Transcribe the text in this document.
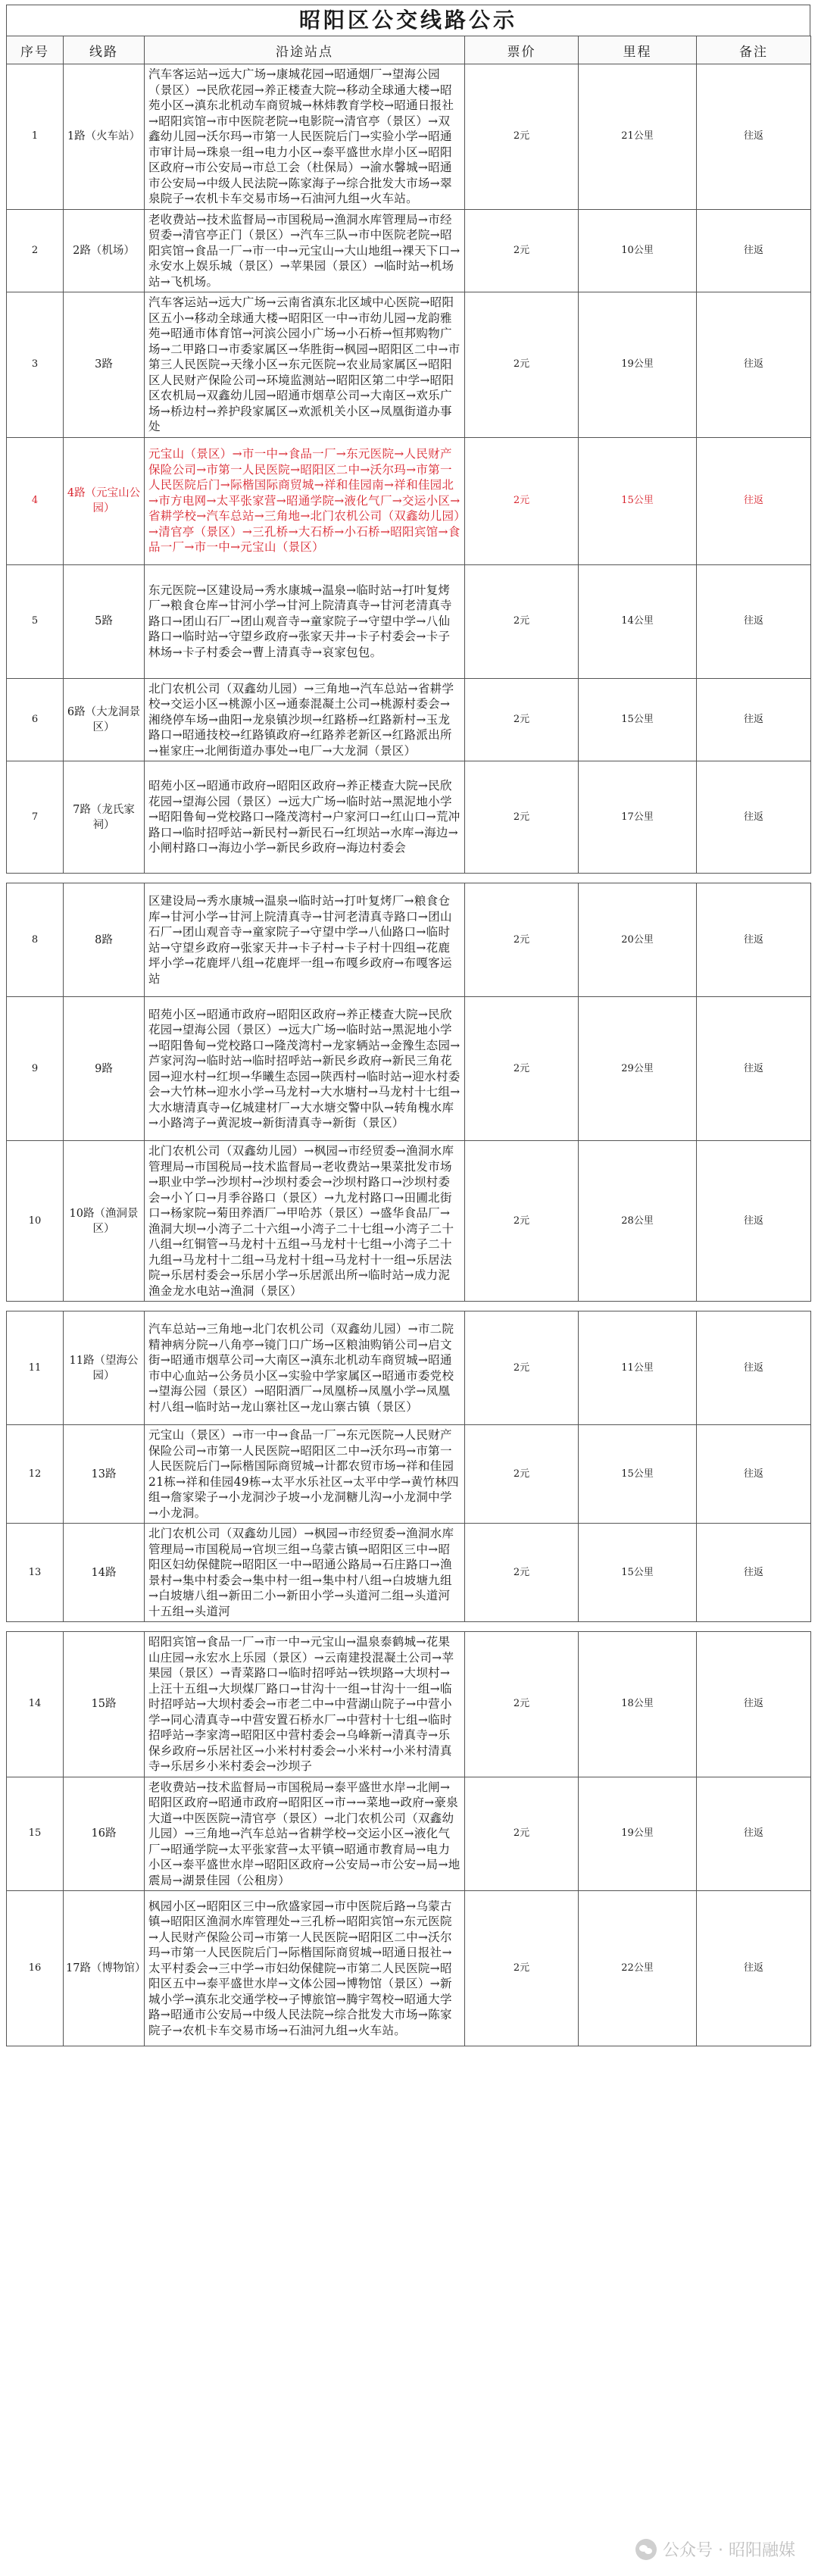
昭阳区公交线路公示
序号	线路	沿途站点	票价	里程	备注
1	1路（火车站）	汽车客运站→远大广场→康城花园→昭通烟厂→望海公园（景区）→民欣花园→养正楼查大院→移动全球通大楼→昭苑小区→滇东北机动车商贸城→林炜教育学校→昭通日报社→昭阳宾馆→市中医院老院→电影院→清官亭（景区）→双鑫幼儿园→沃尔玛→市第一人民医院后门→实验小学→昭通市审计局→珠泉一组→电力小区→泰平盛世水岸小区→昭阳区政府→市公安局→市总工会（杜保局）→渝水馨城→昭通市公安局→中级人民法院→陈家海子→综合批发大市场→翠泉院子→农机卡车交易市场→石油河九组→火车站。	2元	21公里	往返
2	2路（机场）	老收费站→技术监督局→市国税局→渔洞水库管理局→市经贸委→清官亭正门（景区）→汽车三队→市中医院老院→昭阳宾馆→食品一厂→市一中→元宝山→大山地组→裸天下口→永安水上娱乐城（景区）→苹果园（景区）→临时站→机场站→飞机场。	2元	10公里	往返
3	3路	汽车客运站→远大广场→云南省滇东北区域中心医院→昭阳区五小→移动全球通大楼→昭阳区一中→市幼儿园→龙韵雅苑→昭通市体育馆→河滨公园小广场→小石桥→恒邦购物广场→二甲路口→市委家属区→华胜街→枫园→昭阳区二中→市第三人民医院→天缘小区→东元医院→农业局家属区→昭阳区人民财产保险公司→环境监测站→昭阳区第二中学→昭阳区农机局→双鑫幼儿园→昭通市烟草公司→大南区→欢乐广场→桥边村→养护段家属区→欢派机关小区→凤凰街道办事处	2元	19公里	往返
4	4路（元宝山公园）	元宝山（景区）→市一中→食品一厂→东元医院→人民财产保险公司→市第一人民医院→昭阳区二中→沃尔玛→市第一人民医院后门→际楷国际商贸城→祥和佳园南→祥和佳园北→市方电网→太平张家营→昭通学院→液化气厂→交运小区→省耕学校→汽车总站→三角地→北门农机公司（双鑫幼儿园）→清官亭（景区）→三孔桥→大石桥→小石桥→昭阳宾馆→食品一厂→市一中→元宝山（景区）	2元	15公里	往返
5	5路	东元医院→区建设局→秀水康城→温泉→临时站→打叶复烤厂→粮食仓库→甘河小学→甘河上院清真寺→甘河老清真寺路口→团山石厂→团山观音寺→童家院子→守望中学→八仙路口→临时站→守望乡政府→张家天井→卡子村委会→卡子林场→卡子村委会→曹上清真寺→哀家包包。	2元	14公里	往返
6	6路（大龙洞景区）	北门农机公司（双鑫幼儿园）→三角地→汽车总站→省耕学校→交运小区→桃源小区→通泰混凝土公司→桃源村委会→湘绕停车场→曲阳→龙泉镇沙坝→红路桥→红路新村→玉龙路口→昭通技校→红路镇政府→红路养老新区→红路派出所→崔家庄→北闸街道办事处→电厂→大龙洞（景区）	2元	15公里	往返
7	7路（龙氏家祠）	昭苑小区→昭通市政府→昭阳区政府→养正楼查大院→民欣花园→望海公园（景区）→远大广场→临时站→黑泥地小学→昭阳鲁甸→党校路口→隆茂湾村→户家河口→红山口→荒冲路口→临时招呼站→新民村→新民石→红坝站→水库→海边→小闸村路口→海边小学→新民乡政府→海边村委会	2元	17公里	往返

8	8路	区建设局→秀水康城→温泉→临时站→打叶复烤厂→粮食仓库→甘河小学→甘河上院清真寺→甘河老清真寺路口→团山石厂→团山观音寺→童家院子→守望中学→八仙路口→临时站→守望乡政府→张家天井→卡子村→卡子村十四组→花鹿坪小学→花鹿坪八组→花鹿坪一组→布嘎乡政府→布嘎客运站	2元	20公里	往返
9	9路	昭苑小区→昭通市政府→昭阳区政府→养正楼查大院→民欣花园→望海公园（景区）→远大广场→临时站→黑泥地小学→昭阳鲁甸→党校路口→隆茂湾村→龙家辆站→金豫生态园→芦家河沟→临时站→临时招呼站→新民乡政府→新民三角花园→迎水村→红坝→华曦生态园→陕西村→临时站→迎水村委会→大竹林→迎水小学→马龙村→大水塘村→马龙村十七组→大水塘清真寺→亿城建材厂→大水塘交警中队→转角槐水库→小路湾子→黄泥坡→新街清真寺→新街（景区）	2元	29公里	往返
10	10路（渔洞景区）	北门农机公司（双鑫幼儿园）→枫园→市经贸委→渔洞水库管理局→市国税局→技术监督局→老收费站→果菜批发市场→职业中学→沙坝村→沙坝村委会→沙坝村路口→沙坝村委会→小丫口→月季谷路口（景区）→九龙村路口→田圃北街口→杨家院→菊田养酒厂→甲哈苏（景区）→盛华食品厂→渔洞大坝→小湾子二十六组→小湾子二十七组→小湾子二十八组→红铜管→马龙村十五组→马龙村十七组→小湾子二十九组→马龙村十二组→马龙村十组→马龙村十一组→乐居法院→乐居村委会→乐居小学→乐居派出所→临时站→成力泥渔金龙水电站→渔洞（景区）	2元	28公里	往返

11	11路（望海公园）	汽车总站→三角地→北门农机公司（双鑫幼儿园）→市二院精神病分院→八角亭→镜门口广场→区粮油购销公司→启文街→昭通市烟草公司→大南区→滇东北机动车商贸城→昭通市中心血站→公务员小区→实验中学家属区→昭通市委党校→望海公园（景区）→昭阳酒厂→凤凰桥→凤凰小学→凤凰村八组→临时站→龙山寨社区→龙山寨古镇（景区）	2元	11公里	往返
12	13路	元宝山（景区）→市一中→食品一厂→东元医院→人民财产保险公司→市第一人民医院→昭阳区二中→沃尔玛→市第一人民医院后门→际楷国际商贸城→计都农贸市场→祥和佳园21栋→祥和佳园49栋→太平水乐社区→太平中学→黄竹林四组→詹家梁子→小龙洞沙子坡→小龙洞糖儿沟→小龙洞中学→小龙洞。	2元	15公里	往返
13	14路	北门农机公司（双鑫幼儿园）→枫园→市经贸委→渔洞水库管理局→市国税局→官坝三组→乌蒙古镇→昭阳区三中→昭阳区妇幼保健院→昭阳区一中→昭通公路局→石庄路口→渔景村→集中村委会→集中村一组→集中村八组→白坡塘九组→白坡塘八组→新田二小→新田小学→头道河二组→头道河十五组→头道河	2元	15公里	往返

14	15路	昭阳宾馆→食品一厂→市一中→元宝山→温泉泰鹤城→花果山庄园→永宏水上乐园（景区）→云南建投混凝土公司→苹果园（景区）→青菜路口→临时招呼站→铁坝路→大坝村→上汪十五组→大坝煤厂路口→甘沟十一组→甘沟十一组→临时招呼站→大坝村委会→市老二中→中营湖山院子→中营小学→同心清真寺→中营安置石桥水厂→中营村十七组→临时招呼站→李家湾→昭阳区中营村委会→乌峰新→清真寺→乐保乡政府→乐居社区→小米村村委会→小米村→小米村清真寺→乐居乡小米村委会→沙坝子	2元	18公里	往返
15	16路	老收费站→技术监督局→市国税局→泰平盛世水岸→北闸→昭阳区政府→昭通市政府→昭阳区→市→→菜地→政府→豪泉大道→中医医院→清官亭（景区）→北门农机公司（双鑫幼儿园）→三角地→汽车总站→省耕学校→交运小区→液化气厂→昭通学院→太平张家营→太平镇→昭通市教育局→电力小区→泰平盛世水岸→昭阳区政府→公安局→市公安→局→地震局→湖景佳园（公租房）	2元	19公里	往返
16	17路（博物馆）	枫园小区→昭阳区三中→欣盛家园→市中医院后路→乌蒙古镇→昭阳区渔洞水库管理处→三孔桥→昭阳宾馆→东元医院→人民财产保险公司→市第一人民医院→昭阳区二中→沃尔玛→市第一人民医院后门→际楷国际商贸城→昭通日报社→太平村委会→三中学→市妇幼保健院→市第二人民医院→昭阳区五中→泰平盛世水岸→文体公园→博物馆（景区）→新城小学→滇东北交通学校→子博旅馆→腾宇驾校→昭通大学路→昭通市公安局→中级人民法院→综合批发大市场→陈家院子→农机卡车交易市场→石油河九组→火车站。	2元	22公里	往返
公众号 · 昭阳融媒
